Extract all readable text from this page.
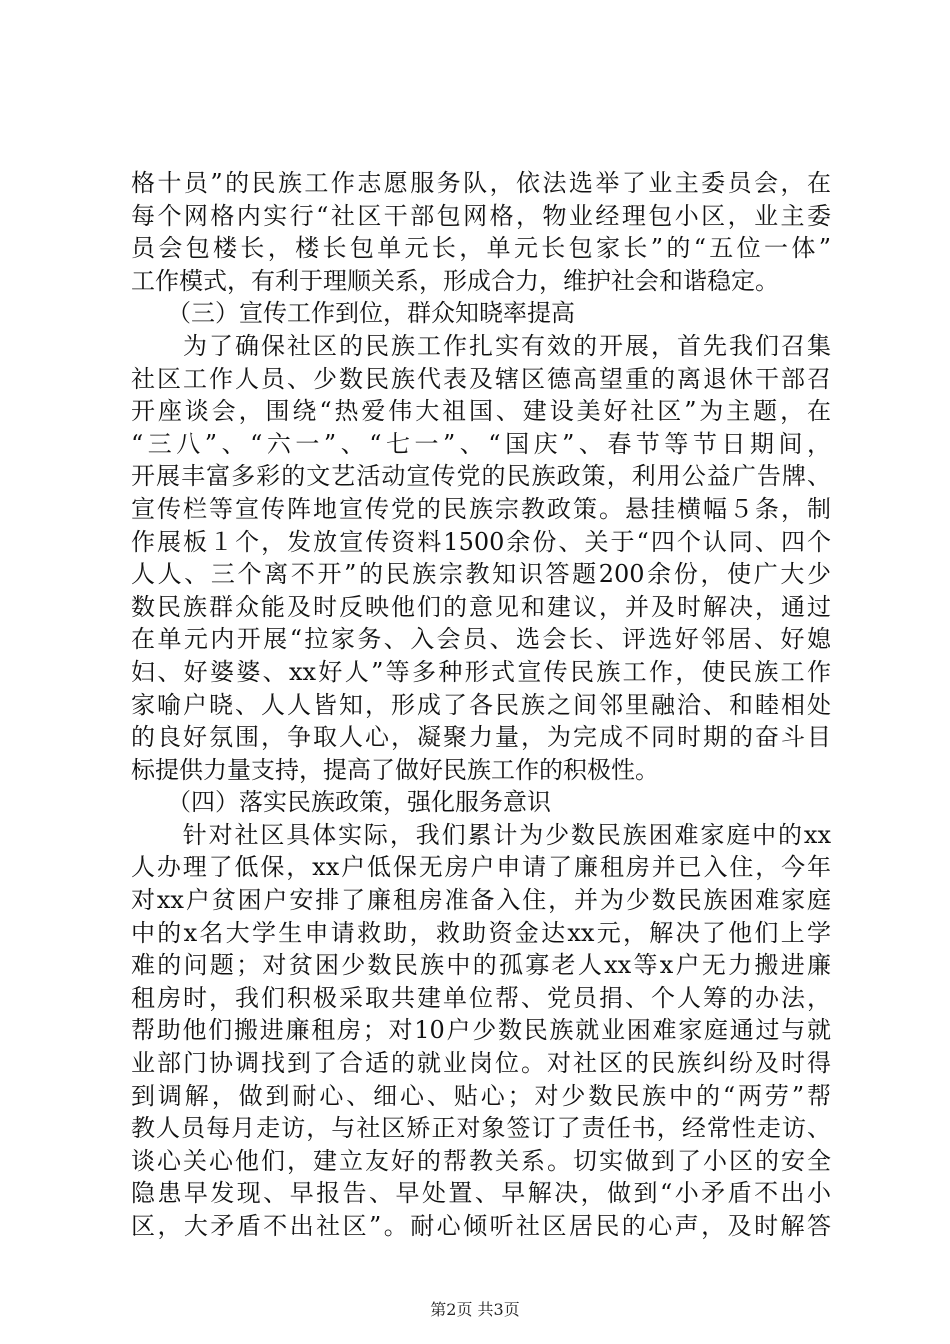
格十员”的民族工作志愿服务队，依法选举了业主委员会，在
每个网格内实行“社区干部包网格，物业经理包小区，业主委
员会包楼长，楼长包单元长，单元长包家长”的“五位一体”
工作模式，有利于理顺关系，形成合力，维护社会和谐稳定。
　　（三）宣传工作到位，群众知晓率提高
　　为了确保社区的民族工作扎实有效的开展，首先我们召集
社区工作人员、少数民族代表及辖区德高望重的离退休干部召
开座谈会，围绕“热爱伟大祖国、建设美好社区”为主题，在
“三八”、“六一”、“七一”、“国庆”、春节等节日期间，
开展丰富多彩的文艺活动宣传党的民族政策，利用公益广告牌、
宣传栏等宣传阵地宣传党的民族宗教政策。悬挂横幅５条，制
作展板１个，发放宣传资料1500余份、关于“四个认同、四个
人人、三个离不开”的民族宗教知识答题200余份，使广大少
数民族群众能及时反映他们的意见和建议，并及时解决，通过
在单元内开展“拉家务、入会员、选会长、评选好邻居、好媳
妇、好婆婆、xx好人”等多种形式宣传民族工作，使民族工作
家喻户晓、人人皆知，形成了各民族之间邻里融洽、和睦相处
的良好氛围，争取人心，凝聚力量，为完成不同时期的奋斗目
标提供力量支持，提高了做好民族工作的积极性。
　　（四）落实民族政策，强化服务意识
　　针对社区具体实际，我们累计为少数民族困难家庭中的xx
人办理了低保，xx户低保无房户申请了廉租房并已入住，今年
对xx户贫困户安排了廉租房准备入住，并为少数民族困难家庭
中的x名大学生申请救助，救助资金达xx元，解决了他们上学
难的问题；对贫困少数民族中的孤寡老人xx等x户无力搬进廉
租房时，我们积极采取共建单位帮、党员捐、个人筹的办法，
帮助他们搬进廉租房；对10户少数民族就业困难家庭通过与就
业部门协调找到了合适的就业岗位。对社区的民族纠纷及时得
到调解，做到耐心、细心、贴心；对少数民族中的“两劳”帮
教人员每月走访，与社区矫正对象签订了责任书，经常性走访、
谈心关心他们，建立友好的帮教关系。切实做到了小区的安全
隐患早发现、早报告、早处置、早解决，做到“小矛盾不出小
区，大矛盾不出社区”。耐心倾听社区居民的心声，及时解答
第2页 共3页
